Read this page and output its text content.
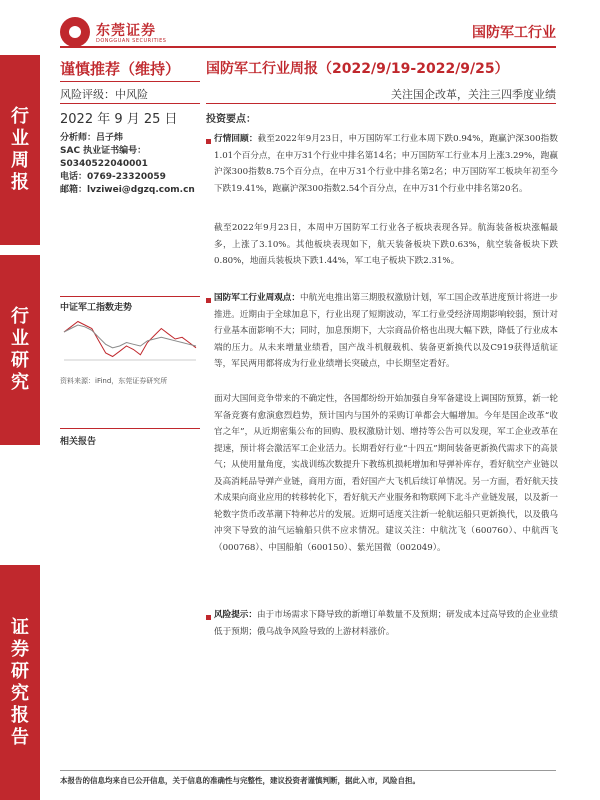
东莞证券
DONGGUAN SECURITIES	国防军工行业
行
业
周
报
行
业
研
究
证
券
研
究
报
告
谨慎推荐（维持）
风险评级：中风险
2022 年 9 月 25 日
分析师：吕子炜
SAC 执业证书编号：
S0340522040001
电话：0769-23320059
邮箱：lvziwei@dgzq.com.cn
中证军工指数走势
资料来源：iFind，东莞证券研究所
相关报告
国防军工行业周报（2022/9/19-2022/9/25）
关注国企改革，关注三四季度业绩
投资要点：
行情回顾：截至2022年9月23日，申万国防军工行业本周下跌0.94%，跑赢沪深300指数1.01个百分点，在申万31个行业中排名第14名；申万国防军工行业本月上涨3.29%，跑赢沪深300指数8.75个百分点，在申万31个行业中排名第2名；申万国防军工板块年初至今下跌19.41%，跑赢沪深300指数2.54个百分点，在申万31个行业中排名第20名。
截至2022年9月23日，本周申万国防军工行业各子板块表现各异。航海装备板块涨幅最多，上涨了3.10%。其他板块表现如下，航天装备板块下跌0.63%，航空装备板块下跌0.80%，地面兵装板块下跌1.44%，军工电子板块下跌2.31%。
国防军工行业周观点：中航光电推出第三期股权激励计划，军工国企改革进度预计将进一步推进。近期由于全球加息下，行业出现了短期波动，军工行业受经济周期影响较弱，预计对行业基本面影响不大；同时，加息预期下，大宗商品价格也出现大幅下跌，降低了行业成本端的压力。从未来增量业绩看，国产战斗机舰载机、装备更新换代以及C919获得适航证等，军民两用都将成为行业业绩增长突破点，中长期坚定看好。
面对大国间竞争带来的不确定性，各国都纷纷开始加强自身军备建设上调国防预算，新一轮军备竞赛有愈演愈烈趋势，预计国内与国外的采购订单都会大幅增加。今年是国企改革“收官之年”，从近期密集公布的回购、股权激励计划、增持等公告可以发现，军工企业改革在提速，预计将会激活军工企业活力。长期看好行业“十四五”期间装备更新换代需求下的高景气；从使用量角度，实战训练次数提升下教练机损耗增加和导弹补库存，看好航空产业链以及高消耗品导弹产业链，商用方面，看好国产大飞机后续订单情况。另一方面，看好航天技术成果向商业应用的转移转化下，看好航天产业服务和物联网下北斗产业链发展，以及新一轮数字货币改革潮下特种芯片的发展。近期可适度关注新一轮航运船只更新换代，以及俄乌冲突下导致的油气运输船只供不应求情况。建议关注：中航沈飞（600760）、中航西飞（000768）、中国船舶（600150）、紫光国微（002049）。
风险提示：由于市场需求下降导致的新增订单数量不及预期；研发成本过高导致的企业业绩低于预期；俄乌战争风险导致的上游材料涨价。
本报告的信息均来自已公开信息，关于信息的准确性与完整性，建议投资者谨慎判断，据此入市，风险自担。
